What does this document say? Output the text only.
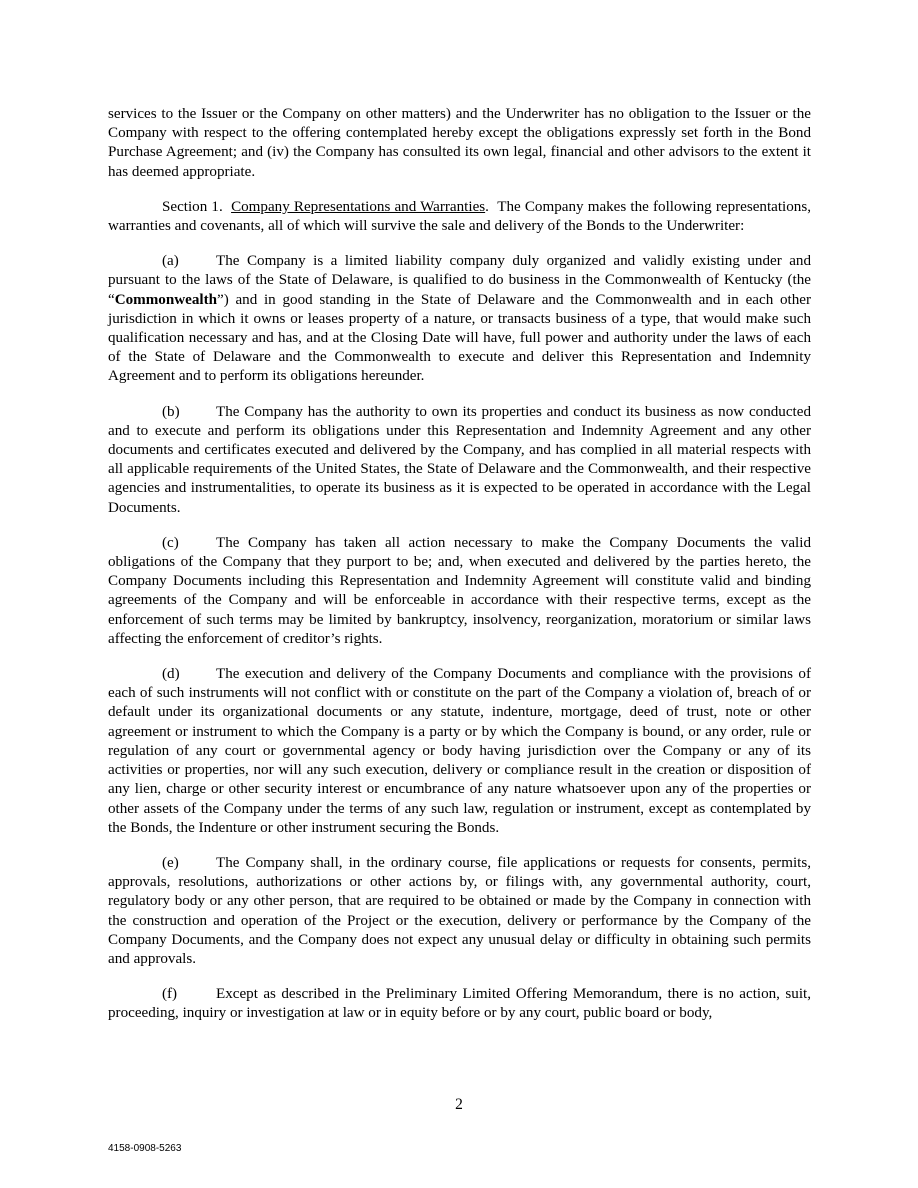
services to the Issuer or the Company on other matters) and the Underwriter has no obligation to the Issuer or the Company with respect to the offering contemplated hereby except the obligations expressly set forth in the Bond Purchase Agreement; and (iv) the Company has consulted its own legal, financial and other advisors to the extent it has deemed appropriate.

Section 1. Company Representations and Warranties. The Company makes the following representations, warranties and covenants, all of which will survive the sale and delivery of the Bonds to the Underwriter:

(a) The Company is a limited liability company duly organized and validly existing under and pursuant to the laws of the State of Delaware, is qualified to do business in the Commonwealth of Kentucky (the “Commonwealth”) and in good standing in the State of Delaware and the Commonwealth and in each other jurisdiction in which it owns or leases property of a nature, or transacts business of a type, that would make such qualification necessary and has, and at the Closing Date will have, full power and authority under the laws of each of the State of Delaware and the Commonwealth to execute and deliver this Representation and Indemnity Agreement and to perform its obligations hereunder.

(b) The Company has the authority to own its properties and conduct its business as now conducted and to execute and perform its obligations under this Representation and Indemnity Agreement and any other documents and certificates executed and delivered by the Company, and has complied in all material respects with all applicable requirements of the United States, the State of Delaware and the Commonwealth, and their respective agencies and instrumentalities, to operate its business as it is expected to be operated in accordance with the Legal Documents.

(c) The Company has taken all action necessary to make the Company Documents the valid obligations of the Company that they purport to be; and, when executed and delivered by the parties hereto, the Company Documents including this Representation and Indemnity Agreement will constitute valid and binding agreements of the Company and will be enforceable in accordance with their respective terms, except as the enforcement of such terms may be limited by bankruptcy, insolvency, reorganization, moratorium or similar laws affecting the enforcement of creditor’s rights.

(d) The execution and delivery of the Company Documents and compliance with the provisions of each of such instruments will not conflict with or constitute on the part of the Company a violation of, breach of or default under its organizational documents or any statute, indenture, mortgage, deed of trust, note or other agreement or instrument to which the Company is a party or by which the Company is bound, or any order, rule or regulation of any court or governmental agency or body having jurisdiction over the Company or any of its activities or properties, nor will any such execution, delivery or compliance result in the creation or disposition of any lien, charge or other security interest or encumbrance of any nature whatsoever upon any of the properties or other assets of the Company under the terms of any such law, regulation or instrument, except as contemplated by the Bonds, the Indenture or other instrument securing the Bonds.

(e) The Company shall, in the ordinary course, file applications or requests for consents, permits, approvals, resolutions, authorizations or other actions by, or filings with, any governmental authority, court, regulatory body or any other person, that are required to be obtained or made by the Company in connection with the construction and operation of the Project or the execution, delivery or performance by the Company of the Company Documents, and the Company does not expect any unusual delay or difficulty in obtaining such permits and approvals.

(f)	Except as described in the Preliminary Limited Offering Memorandum, there is no action, suit, proceeding, inquiry or investigation at law or in equity before or by any court, public board or body,

2
4158-0908-5263
